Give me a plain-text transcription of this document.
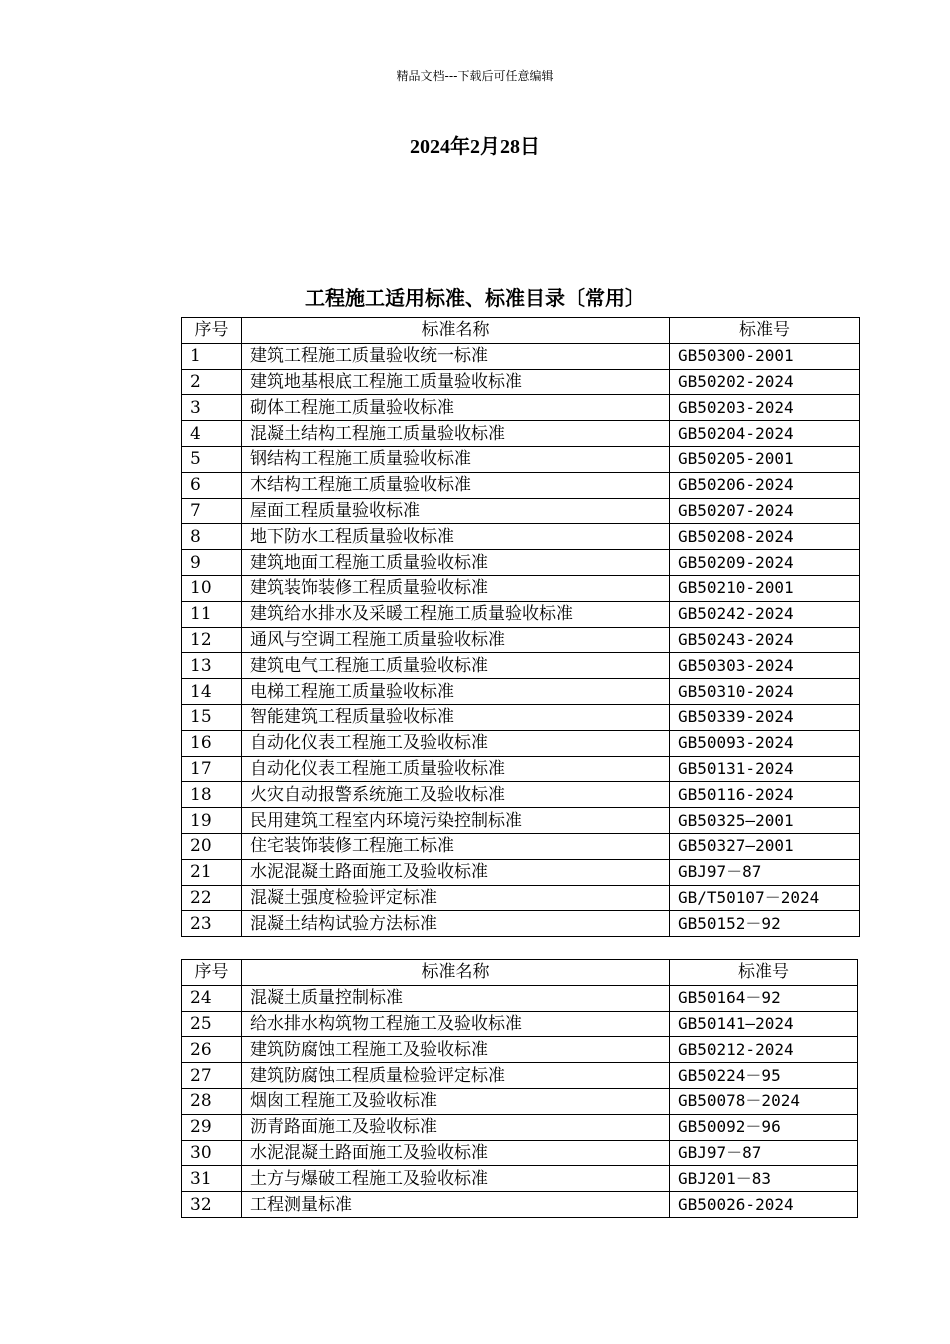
精品文档---下载后可任意编辑
2024年2月28日
工程施工适用标准、标准目录〔常用〕
序号	标准名称	标准号
1	建筑工程施工质量验收统一标准	GB50300-2001
2	建筑地基根底工程施工质量验收标准	GB50202-2024
3	砌体工程施工质量验收标准	GB50203-2024
4	混凝土结构工程施工质量验收标准	GB50204-2024
5	钢结构工程施工质量验收标准	GB50205-2001
6	木结构工程施工质量验收标准	GB50206-2024
7	屋面工程质量验收标准	GB50207-2024
8	地下防水工程质量验收标准	GB50208-2024
9	建筑地面工程施工质量验收标准	GB50209-2024
10	建筑装饰装修工程质量验收标准	GB50210-2001
11	建筑给水排水及采暖工程施工质量验收标准	GB50242-2024
12	通风与空调工程施工质量验收标准	GB50243-2024
13	建筑电气工程施工质量验收标准	GB50303-2024
14	电梯工程施工质量验收标准	GB50310-2024
15	智能建筑工程质量验收标准	GB50339-2024
16	自动化仪表工程施工及验收标准	GB50093-2024
17	自动化仪表工程施工质量验收标准	GB50131-2024
18	火灾自动报警系统施工及验收标准	GB50116-2024
19	民用建筑工程室内环境污染控制标准	GB50325—2001
20	住宅装饰装修工程施工标准	GB50327—2001
21	水泥混凝土路面施工及验收标准	GBJ97－87
22	混凝土强度检验评定标准	GB/T50107－2024
23	混凝土结构试验方法标准	GB50152－92
序号	标准名称	标准号
24	混凝土质量控制标准	GB50164－92
25	给水排水构筑物工程施工及验收标准	GB50141—2024
26	建筑防腐蚀工程施工及验收标准	GB50212-2024
27	建筑防腐蚀工程质量检验评定标准	GB50224－95
28	烟囱工程施工及验收标准	GB50078－2024
29	沥青路面施工及验收标准	GB50092－96
30	水泥混凝土路面施工及验收标准	GBJ97－87
31	土方与爆破工程施工及验收标准	GBJ201－83
32	工程测量标准	GB50026-2024
